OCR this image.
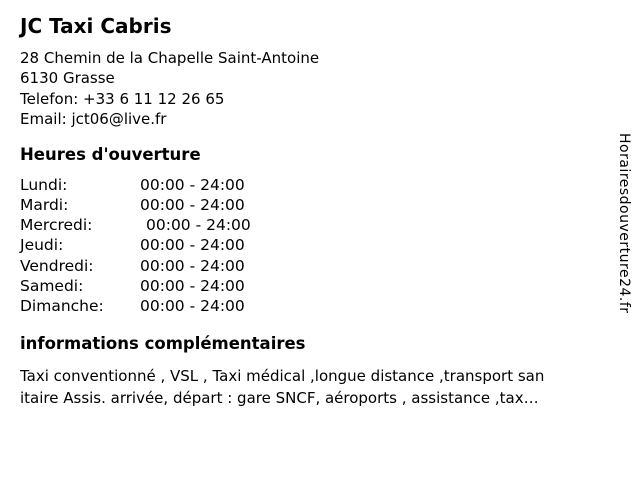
JC Taxi Cabris
28 Chemin de la Chapelle Saint-Antoine
6130 Grasse
Telefon: +33 6 11 12 26 65
Email: jct06@live.fr
Heures d'ouverture
Lundi:	00:00 - 24:00
Mardi:	00:00 - 24:00
Mercredi:	00:00 - 24:00
Jeudi:	00:00 - 24:00
Vendredi:	00:00 - 24:00
Samedi:	00:00 - 24:00
Dimanche:	00:00 - 24:00
informations complémentaires
Taxi conventionné , VSL , Taxi médical ,longue distance ,transport san
itaire Assis. arrivée, départ : gare SNCF, aéroports , assistance ,tax…
Horairesdouverture24.fr
